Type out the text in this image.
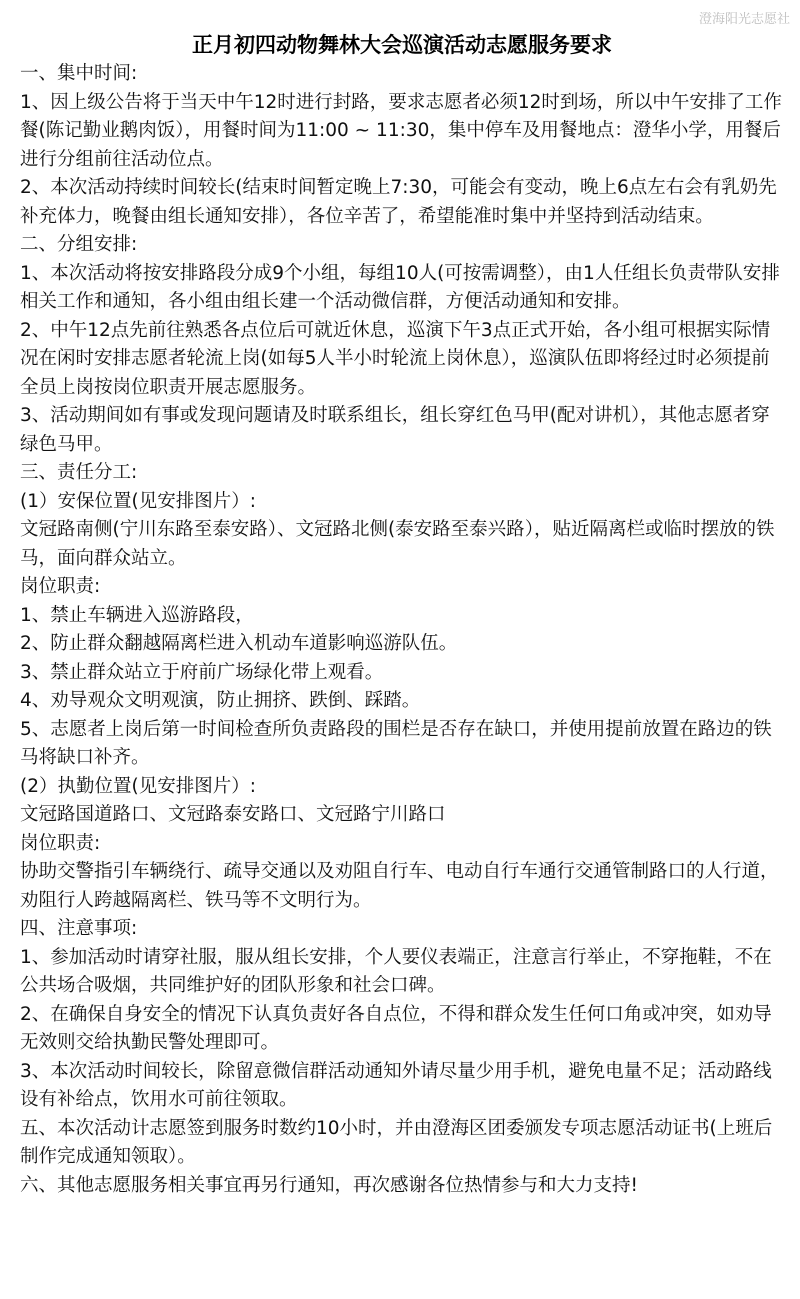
澄海阳光志愿社
正月初四动物舞林大会巡演活动志愿服务要求
一、集中时间:
1、因上级公告将于当天中午12时进行封路，要求志愿者必须12时到场，所以中午安排了工作餐(陈记勤业鹅肉饭），用餐时间为11:00 ~ 11:30，集中停车及用餐地点：澄华小学，用餐后进行分组前往活动位点。
2、本次活动持续时间较长(结束时间暂定晚上7:30，可能会有变动，晚上6点左右会有乳奶先补充体力，晚餐由组长通知安排），各位辛苦了，希望能准时集中并坚持到活动结束。
二、分组安排:
1、本次活动将按安排路段分成9个小组，每组10人(可按需调整），由1人任组长负责带队安排相关工作和通知，各小组由组长建一个活动微信群，方便活动通知和安排。
2、中午12点先前往熟悉各点位后可就近休息，巡演下午3点正式开始，各小组可根据实际情况在闲时安排志愿者轮流上岗(如每5人半小时轮流上岗休息），巡演队伍即将经过时必须提前全员上岗按岗位职责开展志愿服务。
3、活动期间如有事或发现问题请及时联系组长，组长穿红色马甲(配对讲机），其他志愿者穿绿色马甲。
三、责任分工:
(1）安保位置(见安排图片）:
文冠路南侧(宁川东路至泰安路）、文冠路北侧(泰安路至泰兴路），贴近隔离栏或临时摆放的铁马，面向群众站立。
岗位职责:
1、禁止车辆进入巡游路段，
2、防止群众翻越隔离栏进入机动车道影响巡游队伍。
3、禁止群众站立于府前广场绿化带上观看。
4、劝导观众文明观演，防止拥挤、跌倒、踩踏。
5、志愿者上岗后第一时间检查所负责路段的围栏是否存在缺口，并使用提前放置在路边的铁马将缺口补齐。
(2）执勤位置(见安排图片）:
文冠路国道路口、文冠路泰安路口、文冠路宁川路口
岗位职责:
协助交警指引车辆绕行、疏导交通以及劝阻自行车、电动自行车通行交通管制路口的人行道，劝阻行人跨越隔离栏、铁马等不文明行为。
四、注意事项:
1、参加活动时请穿社服，服从组长安排，个人要仪表端正，注意言行举止，不穿拖鞋，不在公共场合吸烟，共同维护好的团队形象和社会口碑。
2、在确保自身安全的情况下认真负责好各自点位，不得和群众发生任何口角或冲突，如劝导无效则交给执勤民警处理即可。
3、本次活动时间较长，除留意微信群活动通知外请尽量少用手机，避免电量不足；活动路线设有补给点，饮用水可前往领取。
五、本次活动计志愿签到服务时数约10小时，并由澄海区团委颁发专项志愿活动证书(上班后制作完成通知领取）。
六、其他志愿服务相关事宜再另行通知，再次感谢各位热情参与和大力支持!
